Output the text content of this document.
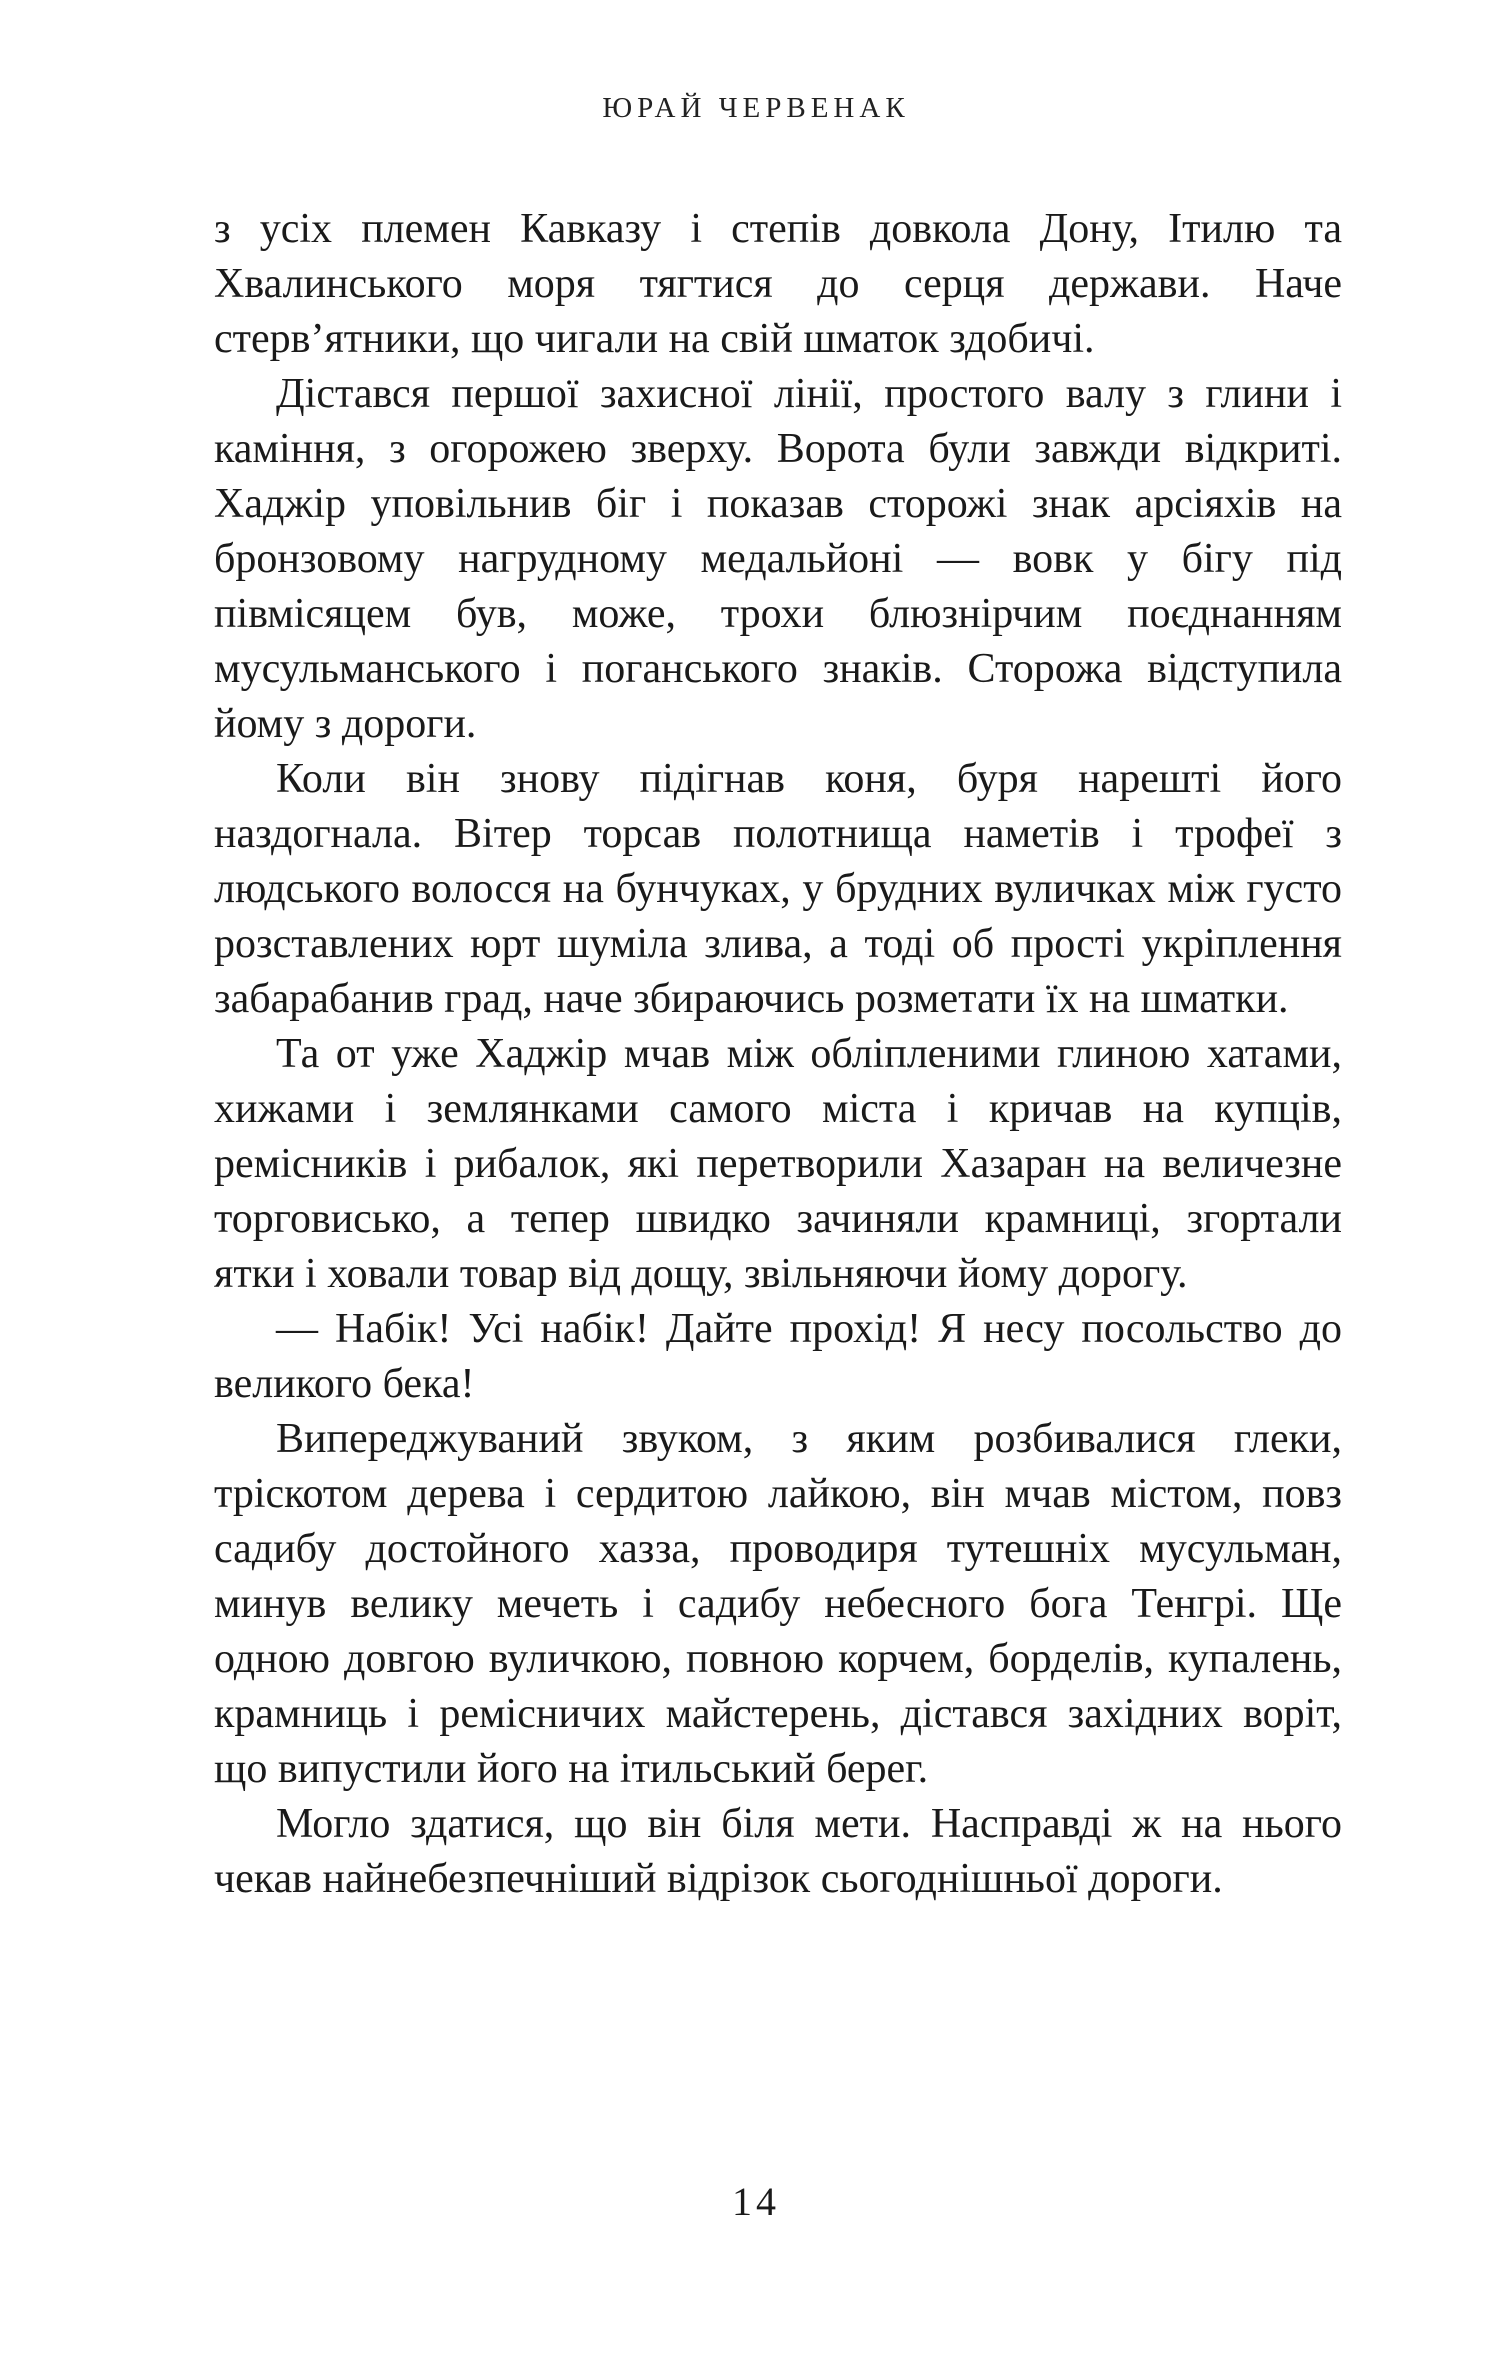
ЮРАЙ ЧЕРВЕНАК

з усіх племен Кавказу і степів довкола Дону, Ітилю та Хвалинського моря тягтися до серця держави. Наче стерв’ятники, що чигали на свій шматок здобичі.

Дістався першої захисної лінії, простого валу з глини і каміння, з огорожею зверху. Ворота були завжди відкриті. Хаджір уповільнив біг і показав сторожі знак арсіяхів на бронзовому нагрудному медальйоні — вовк у бігу під півмісяцем був, може, трохи блюзнірчим поєднанням мусульманського і поганського знаків. Сторожа відступила йому з дороги.

Коли він знову підігнав коня, буря нарешті його наздогнала. Вітер торсав полотнища наметів і трофеї з людського волосся на бунчуках, у брудних вуличках між густо розставлених юрт шуміла злива, а тоді об прості укріплення забарабанив град, наче збираючись розметати їх на шматки.

Та от уже Хаджір мчав між обліпленими глиною хатами, хижами і землянками самого міста і кричав на купців, ремісників і рибалок, які перетворили Хазаран на величезне торговисько, а тепер швидко зачиняли крамниці, згортали ятки і ховали товар від дощу, звільняючи йому дорогу.

— Набік! Усі набік! Дайте прохід! Я несу посольство до великого бека!

Випереджуваний звуком, з яким розбивалися глеки, тріскотом дерева і сердитою лайкою, він мчав містом, повз садибу достойного хазза, проводиря тутешніх мусульман, минув велику мечеть і садибу небесного бога Тенгрі. Ще одною довгою вуличкою, повною корчем, борделів, купалень, крамниць і ремісничих майстерень, дістався західних воріт, що випустили його на ітильський берег.

Могло здатися, що він біля мети. Насправді ж на нього чекав найнебезпечніший відрізок сьогоднішньої дороги.

14
